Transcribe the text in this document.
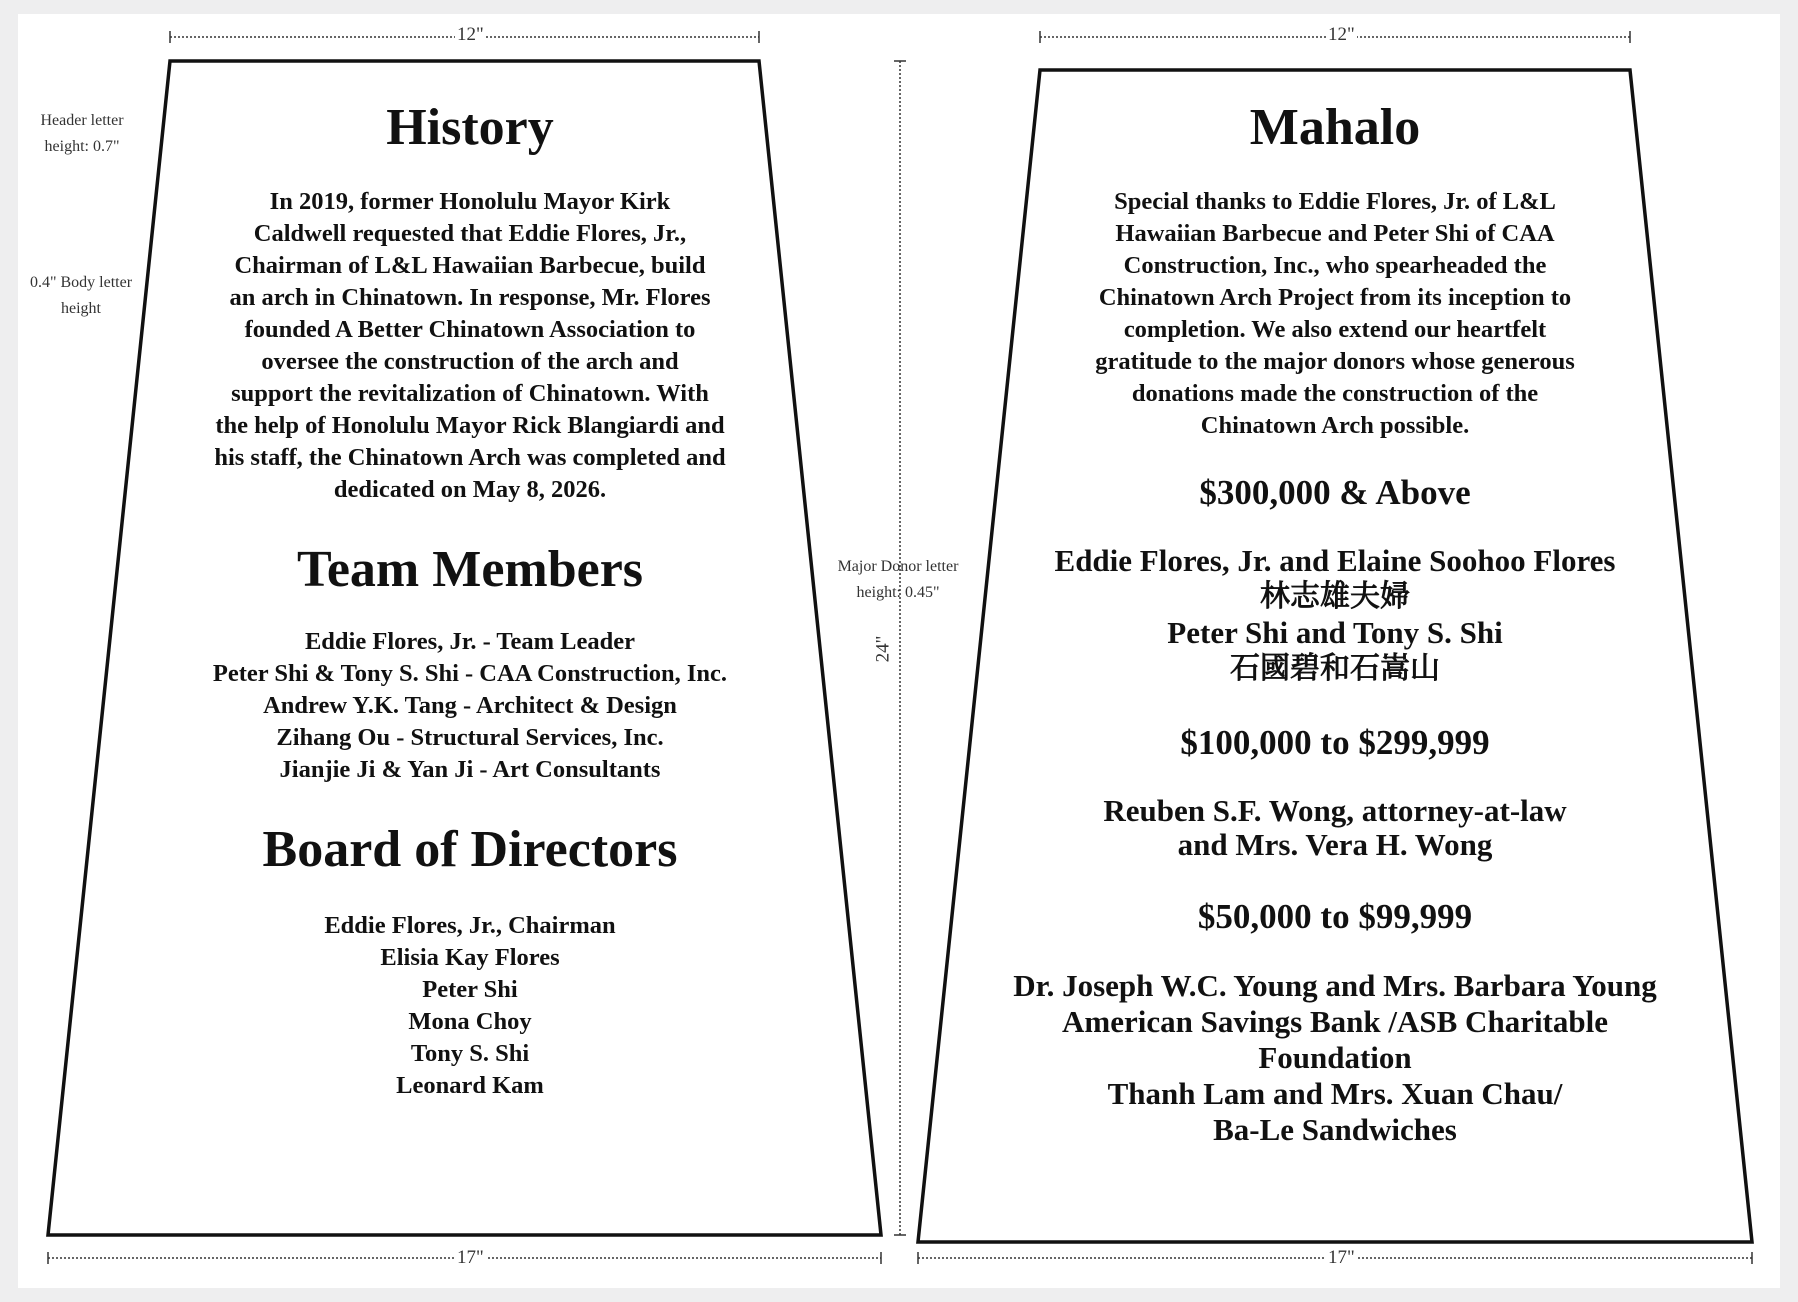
12"	12"
17"	17"
24"
Header letter
height: 0.7"
0.4" Body letter
height
Major Donor letter
height: 0.45"
History
In 2019, former Honolulu Mayor Kirk
Caldwell requested that Eddie Flores, Jr.,
Chairman of L&L Hawaiian Barbecue, build
an arch in Chinatown. In response, Mr. Flores
founded A Better Chinatown Association to
oversee the construction of the arch and
support the revitalization of Chinatown. With
the help of Honolulu Mayor Rick Blangiardi and
his staff, the Chinatown Arch was completed and
dedicated on May 8, 2026.
Team Members
Eddie Flores, Jr. - Team Leader
Peter Shi & Tony S. Shi - CAA Construction, Inc.
Andrew Y.K. Tang - Architect & Design
Zihang Ou - Structural Services, Inc.
Jianjie Ji & Yan Ji - Art Consultants
Board of Directors
Eddie Flores, Jr., Chairman
Elisia Kay Flores
Peter Shi
Mona Choy
Tony S. Shi
Leonard Kam
Mahalo
Special thanks to Eddie Flores, Jr. of L&L
Hawaiian Barbecue and Peter Shi of CAA
Construction, Inc., who spearheaded the
Chinatown Arch Project from its inception to
completion. We also extend our heartfelt
gratitude to the major donors whose generous
donations made the construction of the
Chinatown Arch possible.
$300,000 & Above
Eddie Flores, Jr. and Elaine Soohoo Flores
林志雄夫婦
Peter Shi and Tony S. Shi
石國碧和石嵩山
$100,000 to $299,999
Reuben S.F. Wong, attorney-at-law
and Mrs. Vera H. Wong
$50,000 to $99,999
Dr. Joseph W.C. Young and Mrs. Barbara Young
American Savings Bank /ASB Charitable
Foundation
Thanh Lam and Mrs. Xuan Chau/
Ba-Le Sandwiches
